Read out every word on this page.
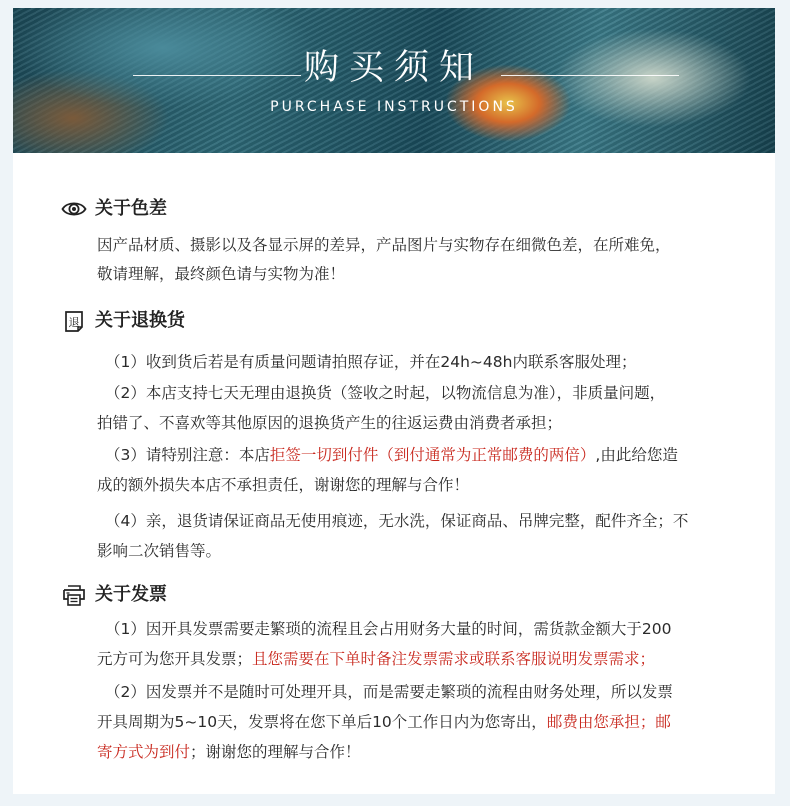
购买须知
PURCHASE INSTRUCTIONS
关于色差
因产品材质、摄影以及各显示屏的差异，产品图片与实物存在细微色差，在所难免，
敬请理解，最终颜色请与实物为准！
退 关于退换货
（1）收到货后若是有质量问题请拍照存证，并在24h~48h内联系客服处理；
（2）本店支持七天无理由退换货（签收之时起，以物流信息为准），非质量问题，
拍错了、不喜欢等其他原因的退换货产生的往返运费由消费者承担；
（3）请特别注意：本店拒签一切到付件（到付通常为正常邮费的两倍）,由此给您造
成的额外损失本店不承担责任，谢谢您的理解与合作！
（4）亲，退货请保证商品无使用痕迹，无水洗，保证商品、吊牌完整，配件齐全；不
影响二次销售等。
关于发票
（1）因开具发票需要走繁琐的流程且会占用财务大量的时间，需货款金额大于200
元方可为您开具发票；且您需要在下单时备注发票需求或联系客服说明发票需求；
（2）因发票并不是随时可处理开具，而是需要走繁琐的流程由财务处理，所以发票
开具周期为5~10天，发票将在您下单后10个工作日内为您寄出，邮费由您承担；邮
寄方式为到付；谢谢您的理解与合作！
